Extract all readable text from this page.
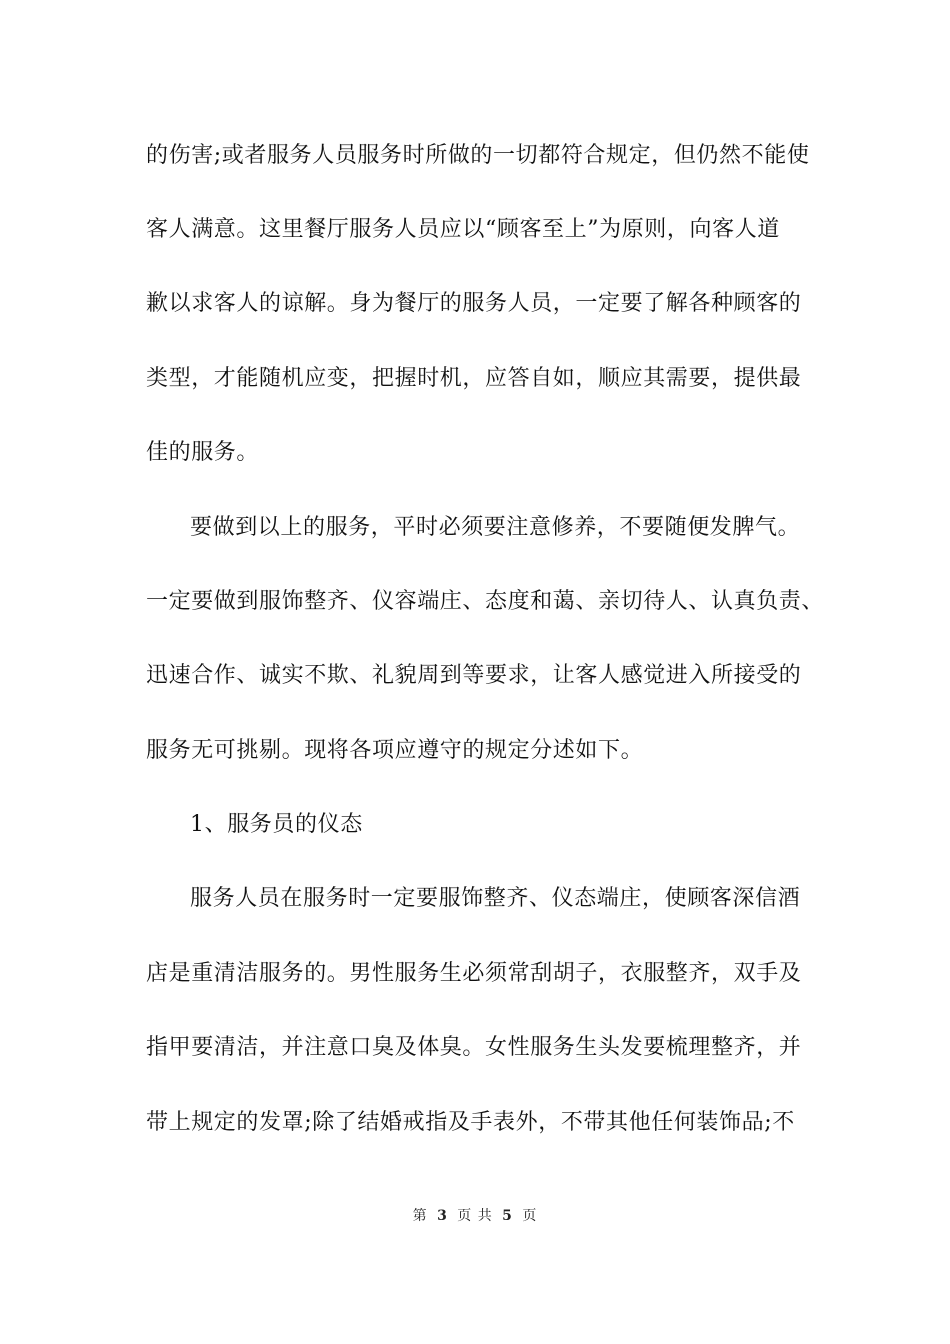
的伤害;或者服务人员服务时所做的一切都符合规定，但仍然不能使
客人满意。这里餐厅服务人员应以“顾客至上”为原则，向客人道
歉以求客人的谅解。身为餐厅的服务人员，一定要了解各种顾客的
类型，才能随机应变，把握时机，应答自如，顺应其需要，提供最
佳的服务。
要做到以上的服务，平时必须要注意修养，不要随便发脾气。
一定要做到服饰整齐、仪容端庄、态度和蔼、亲切待人、认真负责、
迅速合作、诚实不欺、礼貌周到等要求，让客人感觉进入所接受的
服务无可挑剔。现将各项应遵守的规定分述如下。
1、服务员的仪态
服务人员在服务时一定要服饰整齐、仪态端庄，使顾客深信酒
店是重清洁服务的。男性服务生必须常刮胡子，衣服整齐，双手及
指甲要清洁，并注意口臭及体臭。女性服务生头发要梳理整齐，并
带上规定的发罩;除了结婚戒指及手表外，不带其他任何装饰品;不
第 3 页 共 5 页
